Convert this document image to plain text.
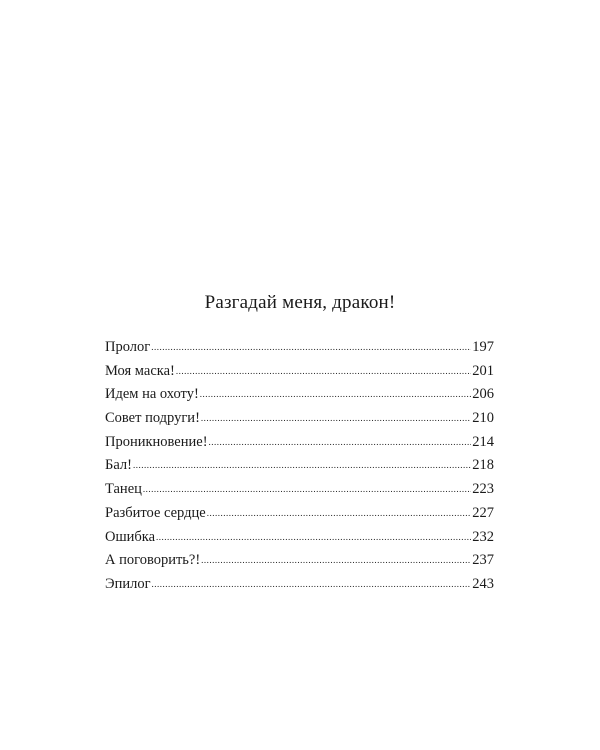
Разгадай меня, дракон!
Пролог .....	197
Моя маска! .....	201
Идем на охоту! .....	206
Совет подруги! .....	210
Проникновение! .....	214
Бал! .....	218
Танец .....	223
Разбитое сердце .....	227
Ошибка .....	232
А поговорить?! .....	237
Эпилог .....	243
